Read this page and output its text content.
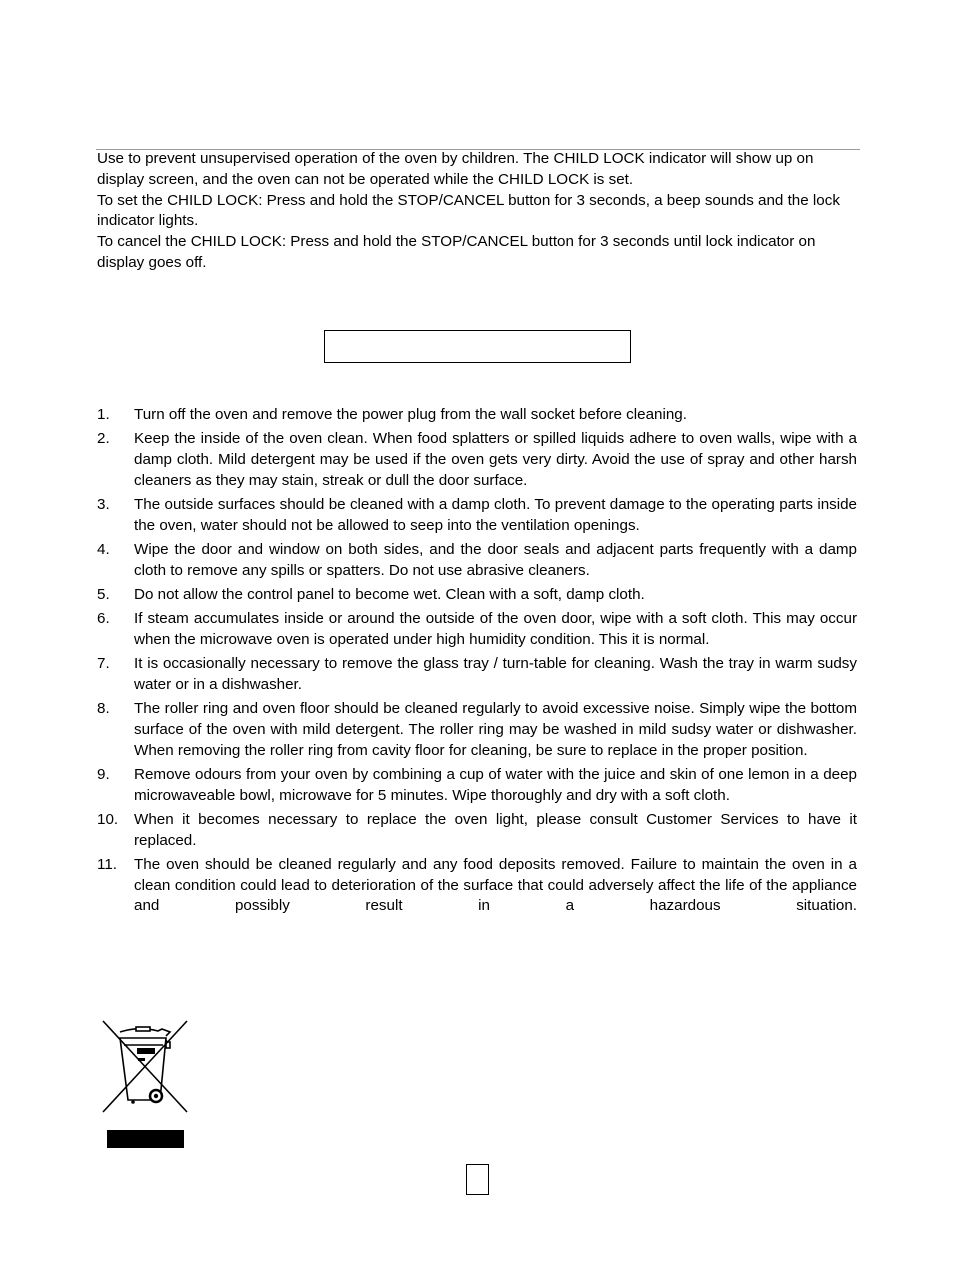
Use to prevent unsupervised operation of the oven by children. The CHILD LOCK indicator will show up on display screen, and the oven can not be operated while the CHILD LOCK is set.

To set the CHILD LOCK: Press and hold the STOP/CANCEL button for 3 seconds, a beep sounds and the lock indicator lights.

To cancel the CHILD LOCK: Press and hold the STOP/CANCEL button for 3 seconds until lock indicator on display goes off.

1. Turn off the oven and remove the power plug from the wall socket before cleaning.
2. Keep the inside of the oven clean. When food splatters or spilled liquids adhere to oven walls, wipe with a damp cloth. Mild detergent may be used if the oven gets very dirty. Avoid the use of spray and other harsh cleaners as they may stain, streak or dull the door surface.
3. The outside surfaces should be cleaned with a damp cloth. To prevent damage to the operating parts inside the oven, water should not be allowed to seep into the ventilation openings.
4. Wipe the door and window on both sides, and the door seals and adjacent parts frequently with a damp cloth to remove any spills or spatters. Do not use abrasive cleaners.
5. Do not allow the control panel to become wet. Clean with a soft, damp cloth.
6. If steam accumulates inside or around the outside of the oven door, wipe with a soft cloth. This may occur when the microwave oven is operated under high humidity condition. This it is normal.
7. It is occasionally necessary to remove the glass tray / turn-table for cleaning. Wash the tray in warm sudsy water or in a dishwasher.
8. The roller ring and oven floor should be cleaned regularly to avoid excessive noise. Simply wipe the bottom surface of the oven with mild detergent. The roller ring may be washed in mild sudsy water or dishwasher. When removing the roller ring from cavity floor for cleaning, be sure to replace in the proper position.
9. Remove odours from your oven by combining a cup of water with the juice and skin of one lemon in a deep microwaveable bowl, microwave for 5 minutes. Wipe thoroughly and dry with a soft cloth.
10. When it becomes necessary to replace the oven light, please consult Customer Services to have it replaced.
11. The oven should be cleaned regularly and any food deposits removed. Failure to maintain the oven in a clean condition could lead to deterioration of the surface that could adversely affect the life of the appliance and possibly result in a hazardous situation.
